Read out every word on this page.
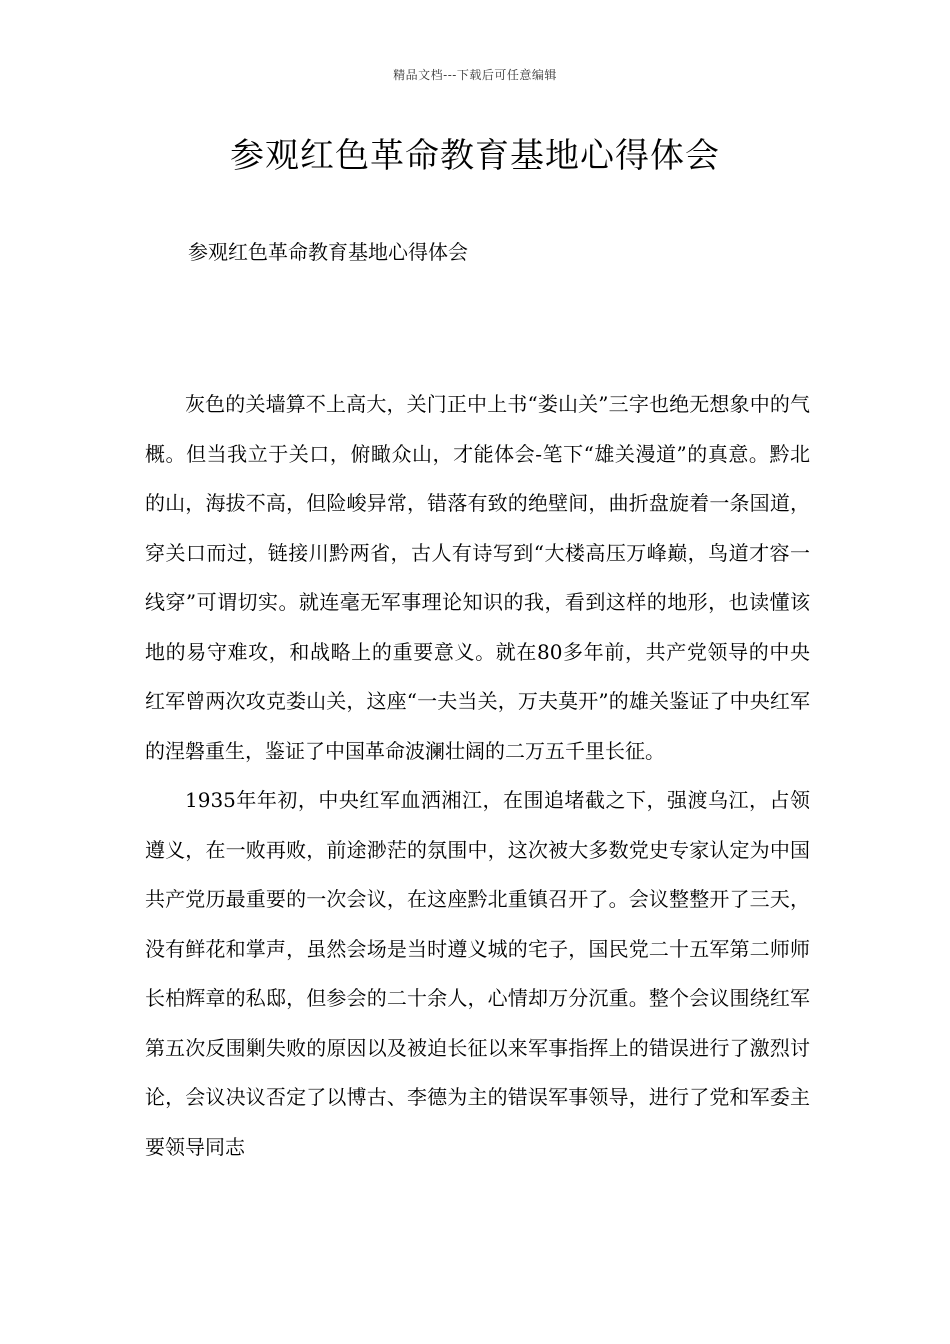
精品文档---下载后可任意编辑
参观红色革命教育基地心得体会
参观红色革命教育基地心得体会

灰色的关墙算不上高大，关门正中上书“娄山关”三字也绝无想象中的气概。但当我立于关口，俯瞰众山，才能体会-笔下“雄关漫道”的真意。黔北的山，海拔不高，但险峻异常，错落有致的绝壁间，曲折盘旋着一条国道，穿关口而过，链接川黔两省，古人有诗写到“大楼高压万峰巅，鸟道才容一线穿”可谓切实。就连毫无军事理论知识的我，看到这样的地形，也读懂该地的易守难攻，和战略上的重要意义。就在80多年前，共产党领导的中央红军曾两次攻克娄山关，这座“一夫当关，万夫莫开”的雄关鉴证了中央红军的涅磐重生，鉴证了中国革命波澜壮阔的二万五千里长征。

1935年年初，中央红军血洒湘江，在围追堵截之下，强渡乌江，占领遵义，在一败再败，前途渺茫的氛围中，这次被大多数党史专家认定为中国共产党历最重要的一次会议，在这座黔北重镇召开了。会议整整开了三天，没有鲜花和掌声，虽然会场是当时遵义城的宅子，国民党二十五军第二师师长柏辉章的私邸，但参会的二十余人，心情却万分沉重。整个会议围绕红军第五次反围剿失败的原因以及被迫长征以来军事指挥上的错误进行了激烈讨论，会议决议否定了以博古、李德为主的错误军事领导，进行了党和军委主要领导同志
